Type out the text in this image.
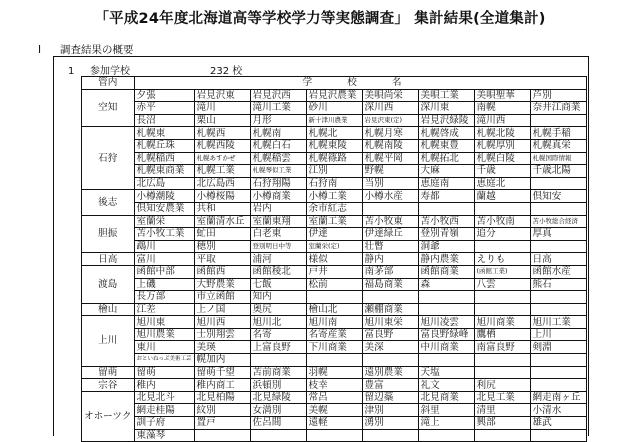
「平成24年度北海道高等学校学力等実態調査」 集計結果(全道集計)
Ⅰ 調査結果の概要
1 参加学校	232 校
管内	学 校 名							
空知	夕張	岩見沢東	岩見沢西	岩見沢農業	美唄尚栄	美唄工業	美唄聖華	芦別
	赤平	滝川	滝川工業	砂川	深川西	深川東	南幌	奈井江商業
	長沼	栗山	月形	新十津川農業	岩見沢東(定)	岩見沢緑陵	滝川西	
石狩	札幌東	札幌西	札幌南	札幌北	札幌月寒	札幌啓成	札幌北陵	札幌手稲
	札幌丘珠	札幌西陵	札幌白石	札幌東陵	札幌南陵	札幌東豊	札幌厚別	札幌真栄
	札幌稲西	札幌あすかぜ	札幌稲雲	札幌篠路	札幌平岡	札幌拓北	札幌白陵	札幌国際情報
	札幌東商業	札幌工業	札幌琴似工業	江別	野幌	大麻	千歳	千歳北陽
	北広島	北広島西	石狩翔陽	石狩南	当別	恵庭南	恵庭北	
後志	小樽潮陵	小樽桜陽	小樽商業	小樽工業	小樽水産	寿都	蘭越	倶知安
	倶知安農業	共和	岩内	余市紅志				
胆振	室蘭栄	室蘭清水丘	室蘭東翔	室蘭工業	苫小牧東	苫小牧西	苫小牧南	苫小牧総合経済
	苫小牧工業	虻田	白老東	伊達	伊達緑丘	登別青嶺	追分	厚真
	鵡川	穂別	登別明日中等	室蘭栄(定)	壮瞥	洞爺		
日高	富川	平取	浦河	様似	静内	静内農業	えりも	日高
渡島	函館中部	函館西	函館稜北	戸井	南茅部	函館商業	(函館工業)	函館水産
	上磯	大野農業	七飯	松前	福島商業	森	八雲	熊石
	長万部	市立函館	知内					
檜山	江差	上ノ国	奥尻	檜山北	瀬棚商業			
上川	旭川東	旭川西	旭川北	旭川南	旭川東栄	旭川凌雲	旭川商業	旭川工業
	旭川農業	士別翔雲	名寄	名寄産業	富良野	富良野緑峰	鷹栖	上川
	東川	美瑛	上富良野	下川商業	美深	中川商業	南富良野	剣淵
	おといねっぷ美術工芸	幌加内						
留萌	留萌	留萌千望	苫前商業	羽幌	遠別農業	天塩		
宗谷	稚内	稚内商工	浜頓別	枝幸	豊富	礼文	利尻	
オホーツク	北見北斗	北見柏陽	北見緑陵	常呂	留辺蘂	北見商業	北見工業	網走南ヶ丘
	網走桂陽	紋別	女満別	美幌	津別	斜里	清里	小清水
	訓子府	置戸	佐呂間	遠軽	湧別	滝上	興部	雄武
	東藻琴							
